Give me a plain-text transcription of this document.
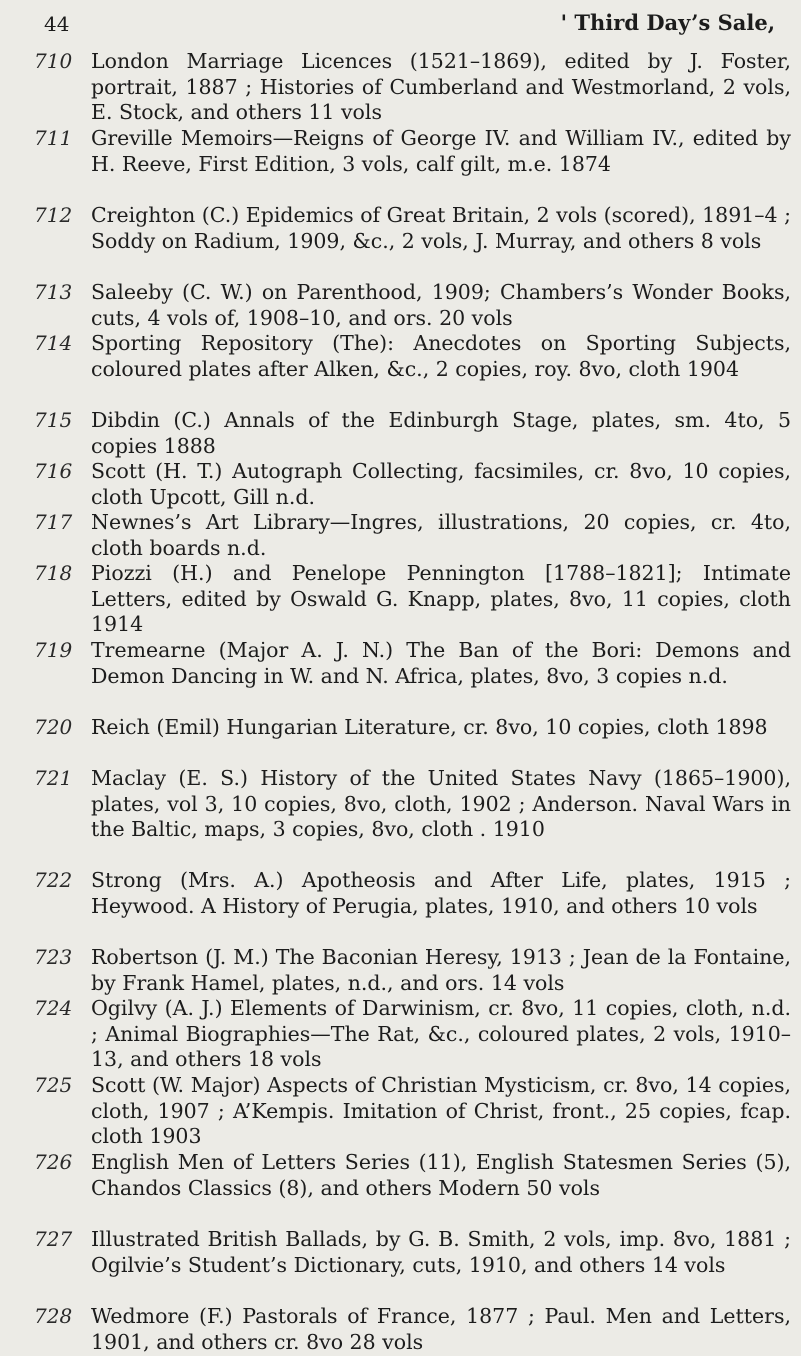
44	' Third Day’s Sale,
710 London Marriage Licences (1521–1869), edited by J. Foster, portrait, 1887 ; Histories of Cumberland and Westmorland, 2 vols, E. Stock, and others 11 vols
711 Greville Memoirs—Reigns of George IV. and William IV., edited by H. Reeve, First Edition, 3 vols, calf gilt, m.e. 1874
712 Creighton (C.) Epidemics of Great Britain, 2 vols (scored), 1891–4 ; Soddy on Radium, 1909, &c., 2 vols, J. Murray, and others 8 vols
713 Saleeby (C. W.) on Parenthood, 1909; Chambers’s Wonder Books, cuts, 4 vols of, 1908–10, and ors. 20 vols
714 Sporting Repository (The): Anecdotes on Sporting Subjects, coloured plates after Alken, &c., 2 copies, roy. 8vo, cloth 1904
715 Dibdin (C.) Annals of the Edinburgh Stage, plates, sm. 4to, 5 copies 1888
716 Scott (H. T.) Autograph Collecting, facsimiles, cr. 8vo, 10 copies, cloth Upcott, Gill n.d.
717 Newnes’s Art Library—Ingres, illustrations, 20 copies, cr. 4to, cloth boards n.d.
718 Piozzi (H.) and Penelope Pennington [1788–1821]; Intimate Letters, edited by Oswald G. Knapp, plates, 8vo, 11 copies, cloth 1914
719 Tremearne (Major A. J. N.) The Ban of the Bori: Demons and Demon Dancing in W. and N. Africa, plates, 8vo, 3 copies n.d.
720 Reich (Emil) Hungarian Literature, cr. 8vo, 10 copies, cloth 1898
721 Maclay (E. S.) History of the United States Navy (1865–1900), plates, vol 3, 10 copies, 8vo, cloth, 1902 ; Anderson. Naval Wars in the Baltic, maps, 3 copies, 8vo, cloth . 1910
722 Strong (Mrs. A.) Apotheosis and After Life, plates, 1915 ; Heywood. A History of Perugia, plates, 1910, and others 10 vols
723 Robertson (J. M.) The Baconian Heresy, 1913 ; Jean de la Fontaine, by Frank Hamel, plates, n.d., and ors. 14 vols
724 Ogilvy (A. J.) Elements of Darwinism, cr. 8vo, 11 copies, cloth, n.d. ; Animal Biographies—The Rat, &c., coloured plates, 2 vols, 1910–13, and others 18 vols
725 Scott (W. Major) Aspects of Christian Mysticism, cr. 8vo, 14 copies, cloth, 1907 ; A’Kempis. Imitation of Christ, front., 25 copies, fcap. cloth 1903
726 English Men of Letters Series (11), English Statesmen Series (5), Chandos Classics (8), and others Modern 50 vols
727 Illustrated British Ballads, by G. B. Smith, 2 vols, imp. 8vo, 1881 ; Ogilvie’s Student’s Dictionary, cuts, 1910, and others 14 vols
728 Wedmore (F.) Pastorals of France, 1877 ; Paul. Men and Letters, 1901, and others cr. 8vo 28 vols
